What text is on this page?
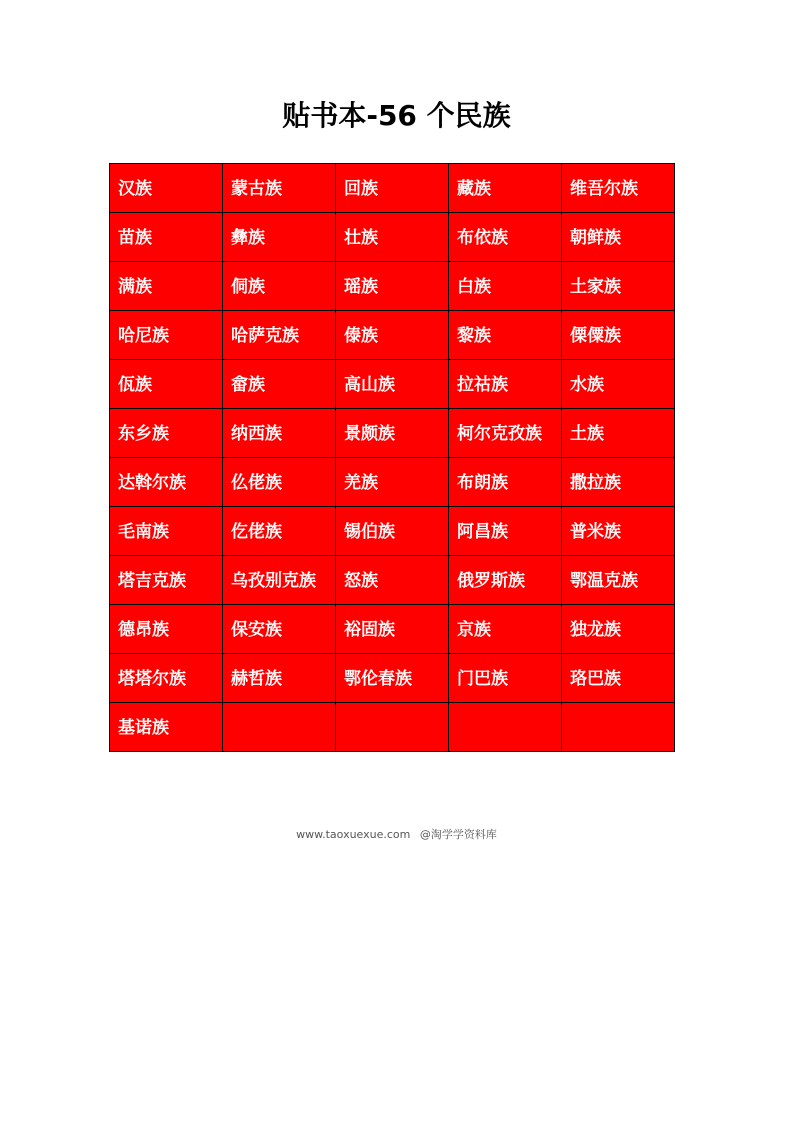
贴书本-56 个民族
汉族	蒙古族	回族	藏族	维吾尔族
苗族	彝族	壮族	布依族	朝鲜族
满族	侗族	瑶族	白族	土家族
哈尼族	哈萨克族	傣族	黎族	傈僳族
佤族	畲族	高山族	拉祜族	水族
东乡族	纳西族	景颇族	柯尔克孜族	土族
达斡尔族	仫佬族	羌族	布朗族	撒拉族
毛南族	仡佬族	锡伯族	阿昌族	普米族
塔吉克族	乌孜别克族	怒族	俄罗斯族	鄂温克族
德昂族	保安族	裕固族	京族	独龙族
塔塔尔族	赫哲族	鄂伦春族	门巴族	珞巴族
基诺族				
www.taoxuexue.com @淘学学资料库
